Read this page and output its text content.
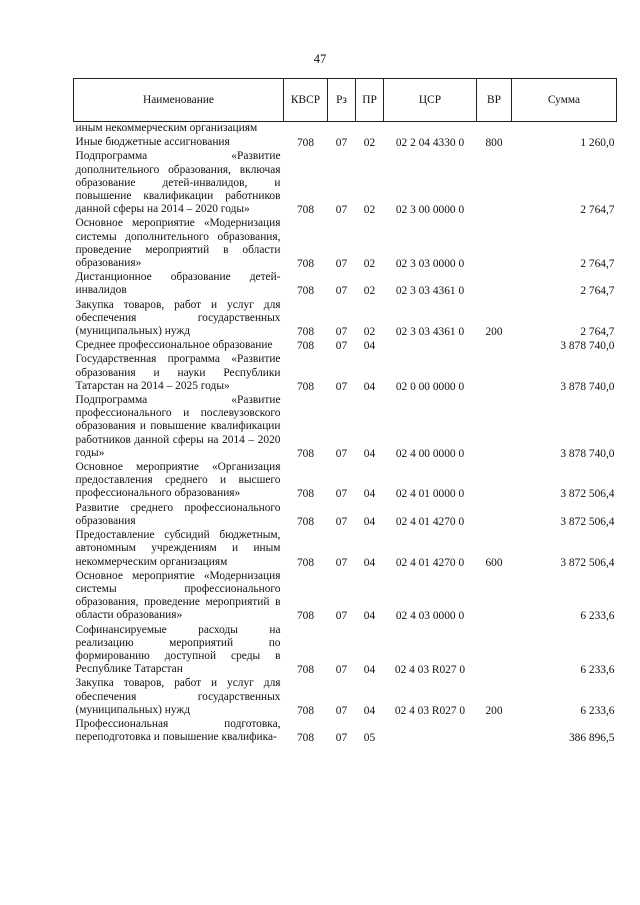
47
Наименование	КВСР	Рз	ПР	ЦСР	ВР	Сумма
иным некоммерческим организациям						
Иные бюджетные ассигнования	708	07	02	02 2 04 4330 0	800	1 260,0
Подпрограмма «Развитие дополнительного образования, включая образование детей-инвалидов, и повышение квалификации работников данной сферы на 2014 – 2020 годы»	708	07	02	02 3 00 0000 0		2 764,7
Основное мероприятие «Модернизация системы дополнительного образования, проведение мероприятий в области образования»	708	07	02	02 3 03 0000 0		2 764,7
Дистанционное образование детей-инвалидов	708	07	02	02 3 03 4361 0		2 764,7
Закупка товаров, работ и услуг для обеспечения государственных (муниципальных) нужд	708	07	02	02 3 03 4361 0	200	2 764,7
Среднее профессиональное образование	708	07	04			3 878 740,0
Государственная программа «Развитие образования и науки Республики Татарстан на 2014 – 2025 годы»	708	07	04	02 0 00 0000 0		3 878 740,0
Подпрограмма «Развитие профессионального и послевузовского образования и повышение квалификации работников данной сферы на 2014 – 2020 годы»	708	07	04	02 4 00 0000 0		3 878 740,0
Основное мероприятие «Организация предоставления среднего и высшего профессионального образования»	708	07	04	02 4 01 0000 0		3 872 506,4
Развитие среднего профессионального образования	708	07	04	02 4 01 4270 0		3 872 506,4
Предоставление субсидий бюджетным, автономным учреждениям и иным некоммерческим организациям	708	07	04	02 4 01 4270 0	600	3 872 506,4
Основное мероприятие «Модернизация системы профессионального образования, проведение мероприятий в области образования»	708	07	04	02 4 03 0000 0		6 233,6
Софинансируемые расходы на реализацию мероприятий по формированию доступной среды в Республике Татарстан	708	07	04	02 4 03 R027 0		6 233,6
Закупка товаров, работ и услуг для обеспечения государственных (муниципальных) нужд	708	07	04	02 4 03 R027 0	200	6 233,6
Профессиональная подготовка, переподготовка и повышение квалифика-	708	07	05			386 896,5
